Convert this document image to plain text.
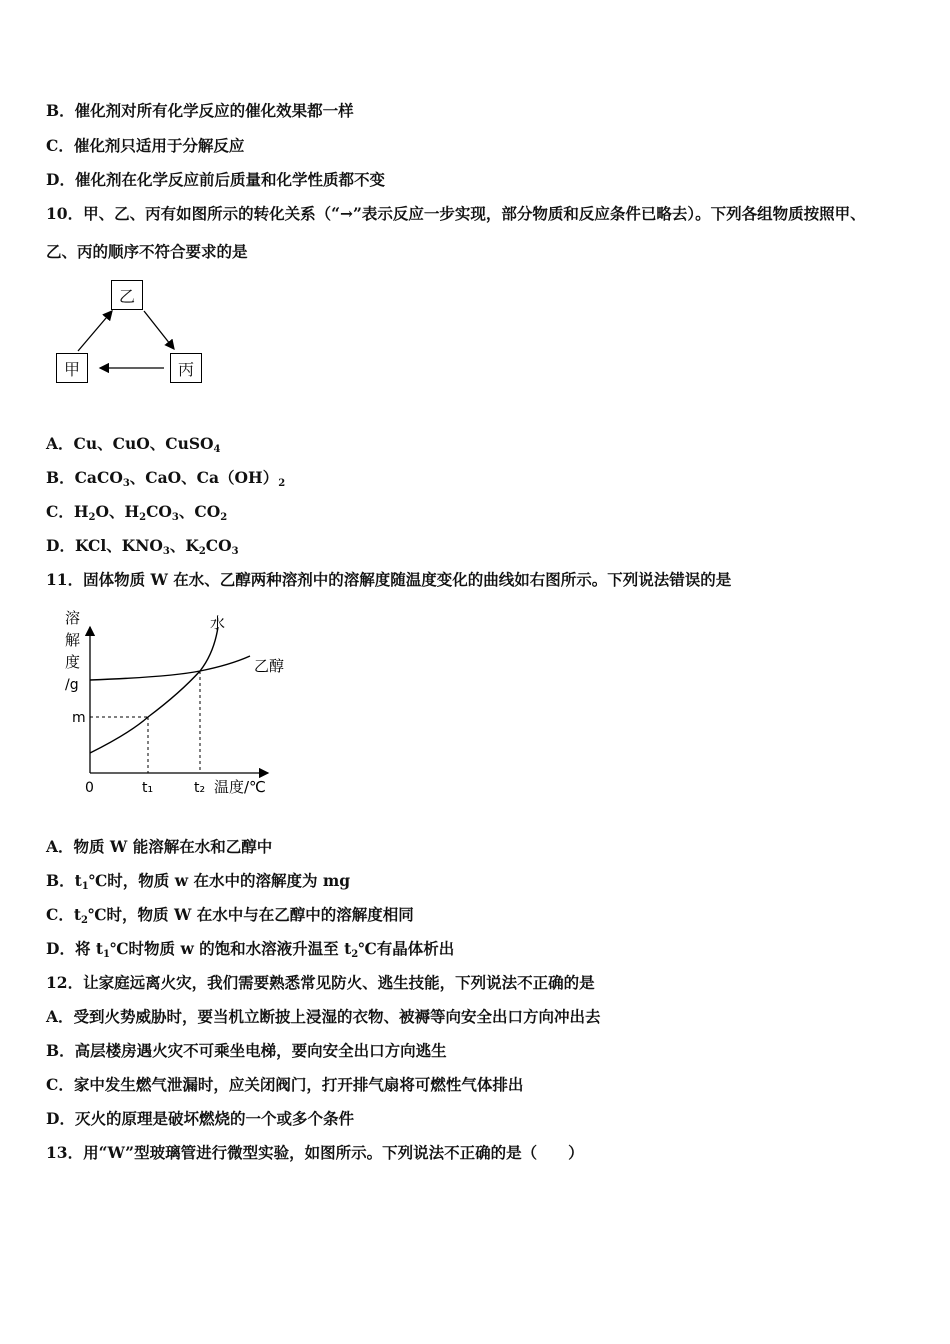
B．催化剂对所有化学反应的催化效果都一样
C．催化剂只适用于分解反应
D．催化剂在化学反应前后质量和化学性质都不变
10．甲、乙、丙有如图所示的转化关系（“→”表示反应一步实现，部分物质和反应条件已略去）。下列各组物质按照甲、
乙、丙的顺序不符合要求的是
乙
甲	丙
A．Cu、CuO、CuSO$_4$
B．CaCO$_3$、CaO、$Ca(OH)_2$
C．$H_2O$、$H_2CO_3$、$CO_2$
D．KCl、$KNO_3$、$K_2CO_3$
11．固体物质 W 在水、乙醇两种溶剂中的溶解度随温度变化的曲线如右图所示。下列说法错误的是
溶
解
度
/g
m
水
乙醇
0	t₁	t₂ 温度/℃
A．物质 W 能溶解在水和乙醇中
B．$t_1℃$时，物质 w 在水中的溶解度为 mg
C．$t_2℃$时，物质 W 在水中与在乙醇中的溶解度相同
D．将 $t_1℃$时物质 w 的饱和水溶液升温至 $t_2℃$有晶体析出
12．让家庭远离火灾，我们需要熟悉常见防火、逃生技能，下列说法不正确的是
A．受到火势威胁时，要当机立断披上浸湿的衣物、被褥等向安全出口方向冲出去
B．高层楼房遇火灾不可乘坐电梯，要向安全出口方向逃生
C．家中发生燃气泄漏时，应关闭阀门，打开排气扇将可燃性气体排出
D．灭火的原理是破坏燃烧的一个或多个条件
13．用“W”型玻璃管进行微型实验，如图所示。下列说法不正确的是（　　）
